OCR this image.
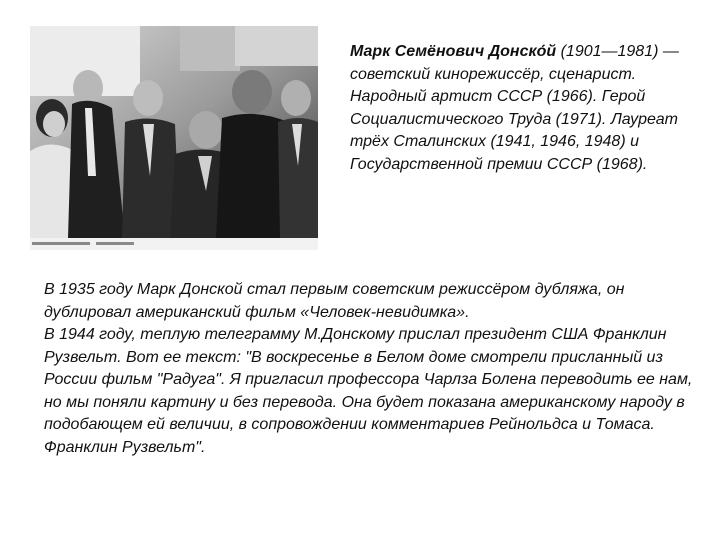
Марк Семёнович Донско́й (1901—1981) — советский кинорежиссёр, сценарист. Народный артист СССР (1966). Герой Социалистического Труда (1971). Лауреат трёх Сталинских (1941, 1946, 1948) и Государственной премии СССР (1968).

В 1935 году Марк Донской стал первым советским режиссёром дубляжа, он дублировал американский фильм «Человек-невидимка».

В 1944 году, теплую телеграмму М.Донскому прислал президент США Франклин Рузвельт. Вот ее текст: "В воскресенье в Белом доме смотрели присланный из России фильм "Радуга". Я пригласил профессора Чарлза Болена переводить ее нам, но мы поняли картину и без перевода. Она будет показана американскому народу в подобающем ей величии, в сопровождении комментариев Рейнольдса и Томаса. Франклин Рузвельт".
